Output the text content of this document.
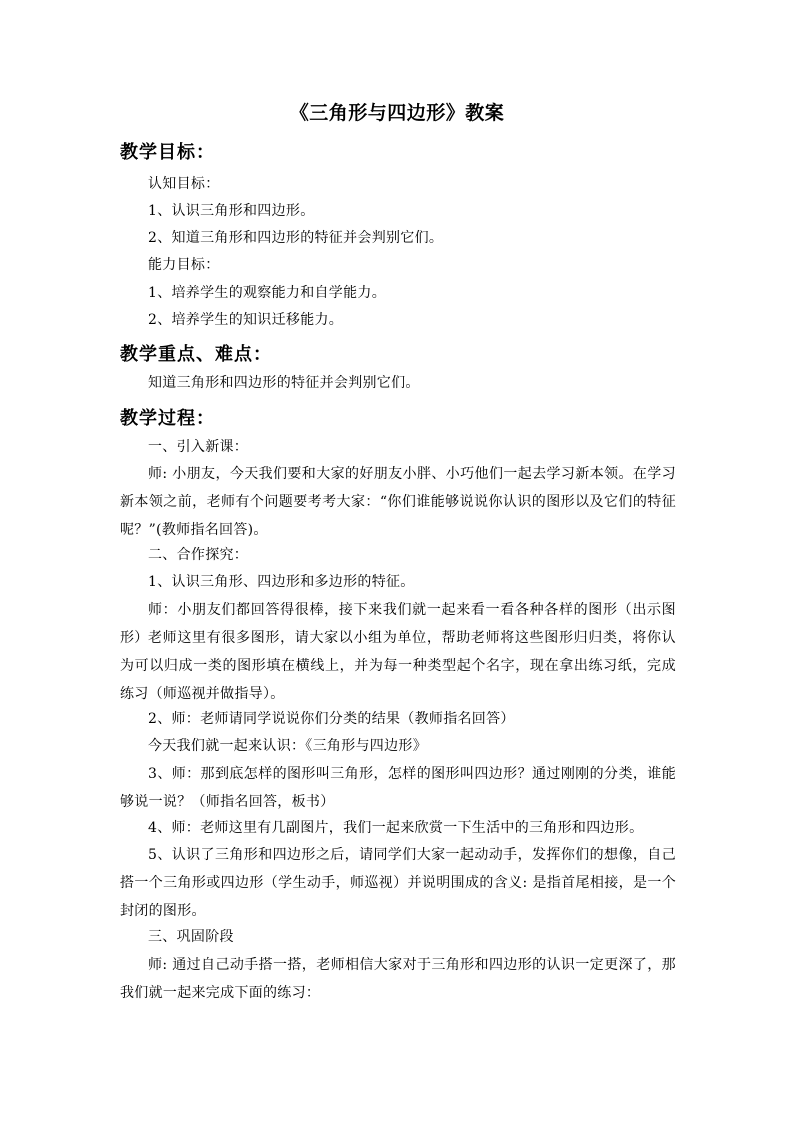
《三角形与四边形》教案
教学目标：
认知目标：
1、认识三角形和四边形。
2、知道三角形和四边形的特征并会判别它们。
能力目标：
1、培养学生的观察能力和自学能力。
2、培养学生的知识迁移能力。
教学重点、难点：
知道三角形和四边形的特征并会判别它们。
教学过程：
一、引入新课：
师: 小朋友，今天我们要和大家的好朋友小胖、小巧他们一起去学习新本领。在学习新本领之前，老师有个问题要考考大家：“你们谁能够说说你认识的图形以及它们的特征呢？”(教师指名回答)。
二、合作探究：
1、认识三角形、四边形和多边形的特征。
师：小朋友们都回答得很棒，接下来我们就一起来看一看各种各样的图形（出示图形） 老师这里有很多图形，请大家以小组为单位，帮助老师将这些图形归归类，将你认为可以归成一类的图形填在横线上，并为每一种类型起个名字，现在拿出练习纸，完成练习（师巡视并做指导）。
2、师：老师请同学说说你们分类的结果（教师指名回答）
今天我们就一起来认识：《三角形与四边形》
3、师：那到底怎样的图形叫三角形，怎样的图形叫四边形？通过刚刚的分类，谁能够说一说？（师指名回答，板书）
4、师：老师这里有几副图片，我们一起来欣赏一下生活中的三角形和四边形。
5、认识了三角形和四边形之后，请同学们大家一起动动手，发挥你们的想像，自己搭一个三角形或四边形（学生动手，师巡视）并说明围成的含义: 是指首尾相接，是一个封闭的图形。
三、巩固阶段
师: 通过自己动手搭一搭，老师相信大家对于三角形和四边形的认识一定更深了，那我们就一起来完成下面的练习：
